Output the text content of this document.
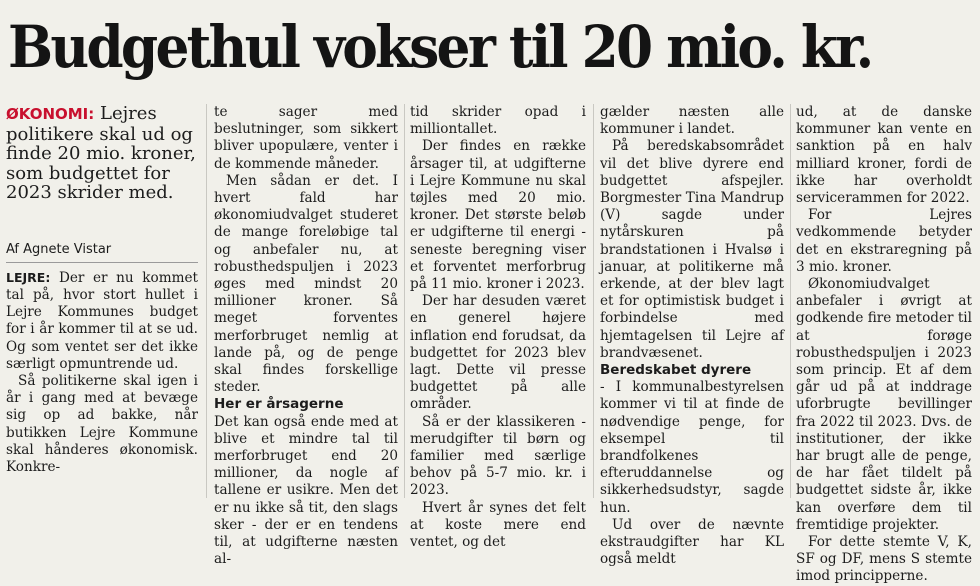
Budgethul vokser til 20 mio. kr.

ØKONOMI: Lejres politikere skal ud og finde 20 mio. kroner, som budgettet for 2023 skrider med.

Af Agnete Vistar

LEJRE: Der er nu kommet tal på, hvor stort hullet i Lejre Kommunes budget for i år kommer til at se ud. Og som ventet ser det ikke særligt opmuntrende ud.

Så politikerne skal igen i år i gang med at bevæge sig op ad bakke, når butikken Lejre Kommune skal hånderes økonomisk. Konkre-

te sager med beslutninger, som sikkert bliver upopulære, venter i de kommende måneder.

Men sådan er det. I hvert fald har økonomiudvalget studeret de mange foreløbige tal og anbefaler nu, at robusthedspuljen i 2023 øges med mindst 20 millioner kroner. Så meget forventes merforbruget nemlig at lande på, og de penge skal findes forskellige steder.

Her er årsagerne

Det kan også ende med at blive et mindre tal til merforbruget end 20 millioner, da nogle af tallene er usikre. Men det er nu ikke så tit, den slags sker - der er en tendens til, at udgifterne næsten al-

tid skrider opad i milliontallet.

Der findes en række årsager til, at udgifterne i Lejre Kommune nu skal tøjles med 20 mio. kroner. Det største beløb er udgifterne til energi - seneste beregning viser et forventet merforbrug på 11 mio. kroner i 2023.

Der har desuden været en generel højere inflation end forudsat, da budgettet for 2023 blev lagt. Dette vil presse budgettet på alle områder.

Så er der klassikeren - merudgifter til børn og familier med særlige behov på 5-7 mio. kr. i 2023.

Hvert år synes det felt at koste mere end ventet, og det

gælder næsten alle kommuner i landet.

På beredskabsområdet vil det blive dyrere end budgettet afspejler. Borgmester Tina Mandrup (V) sagde under nytårskuren på brandstationen i Hvalsø i januar, at politikerne må erkende, at der blev lagt et for optimistisk budget i forbindelse med hjemtagelsen til Lejre af brandvæsenet.

Beredskabet dyrere

- I kommunalbestyrelsen kommer vi til at finde de nødvendige penge, for eksempel til brandfolkenes efteruddannelse og sikkerhedsudstyr, sagde hun.

Ud over de nævnte ekstraudgifter har KL også meldt

ud, at de danske kommuner kan vente en sanktion på en halv milliard kroner, fordi de ikke har overholdt servicerammen for 2022.

For Lejres vedkommende betyder det en ekstraregning på 3 mio. kroner.

Økonomiudvalget anbefaler i øvrigt at godkende fire metoder til at forøge robusthedspuljen i 2023 som princip. Et af dem går ud på at inddrage uforbrugte bevillinger fra 2022 til 2023. Dvs. de institutioner, der ikke har brugt alle de penge, de har fået tildelt på budgettet sidste år, ikke kan overføre dem til fremtidige projekter.

For dette stemte V, K, SF og DF, mens S stemte imod principperne.
